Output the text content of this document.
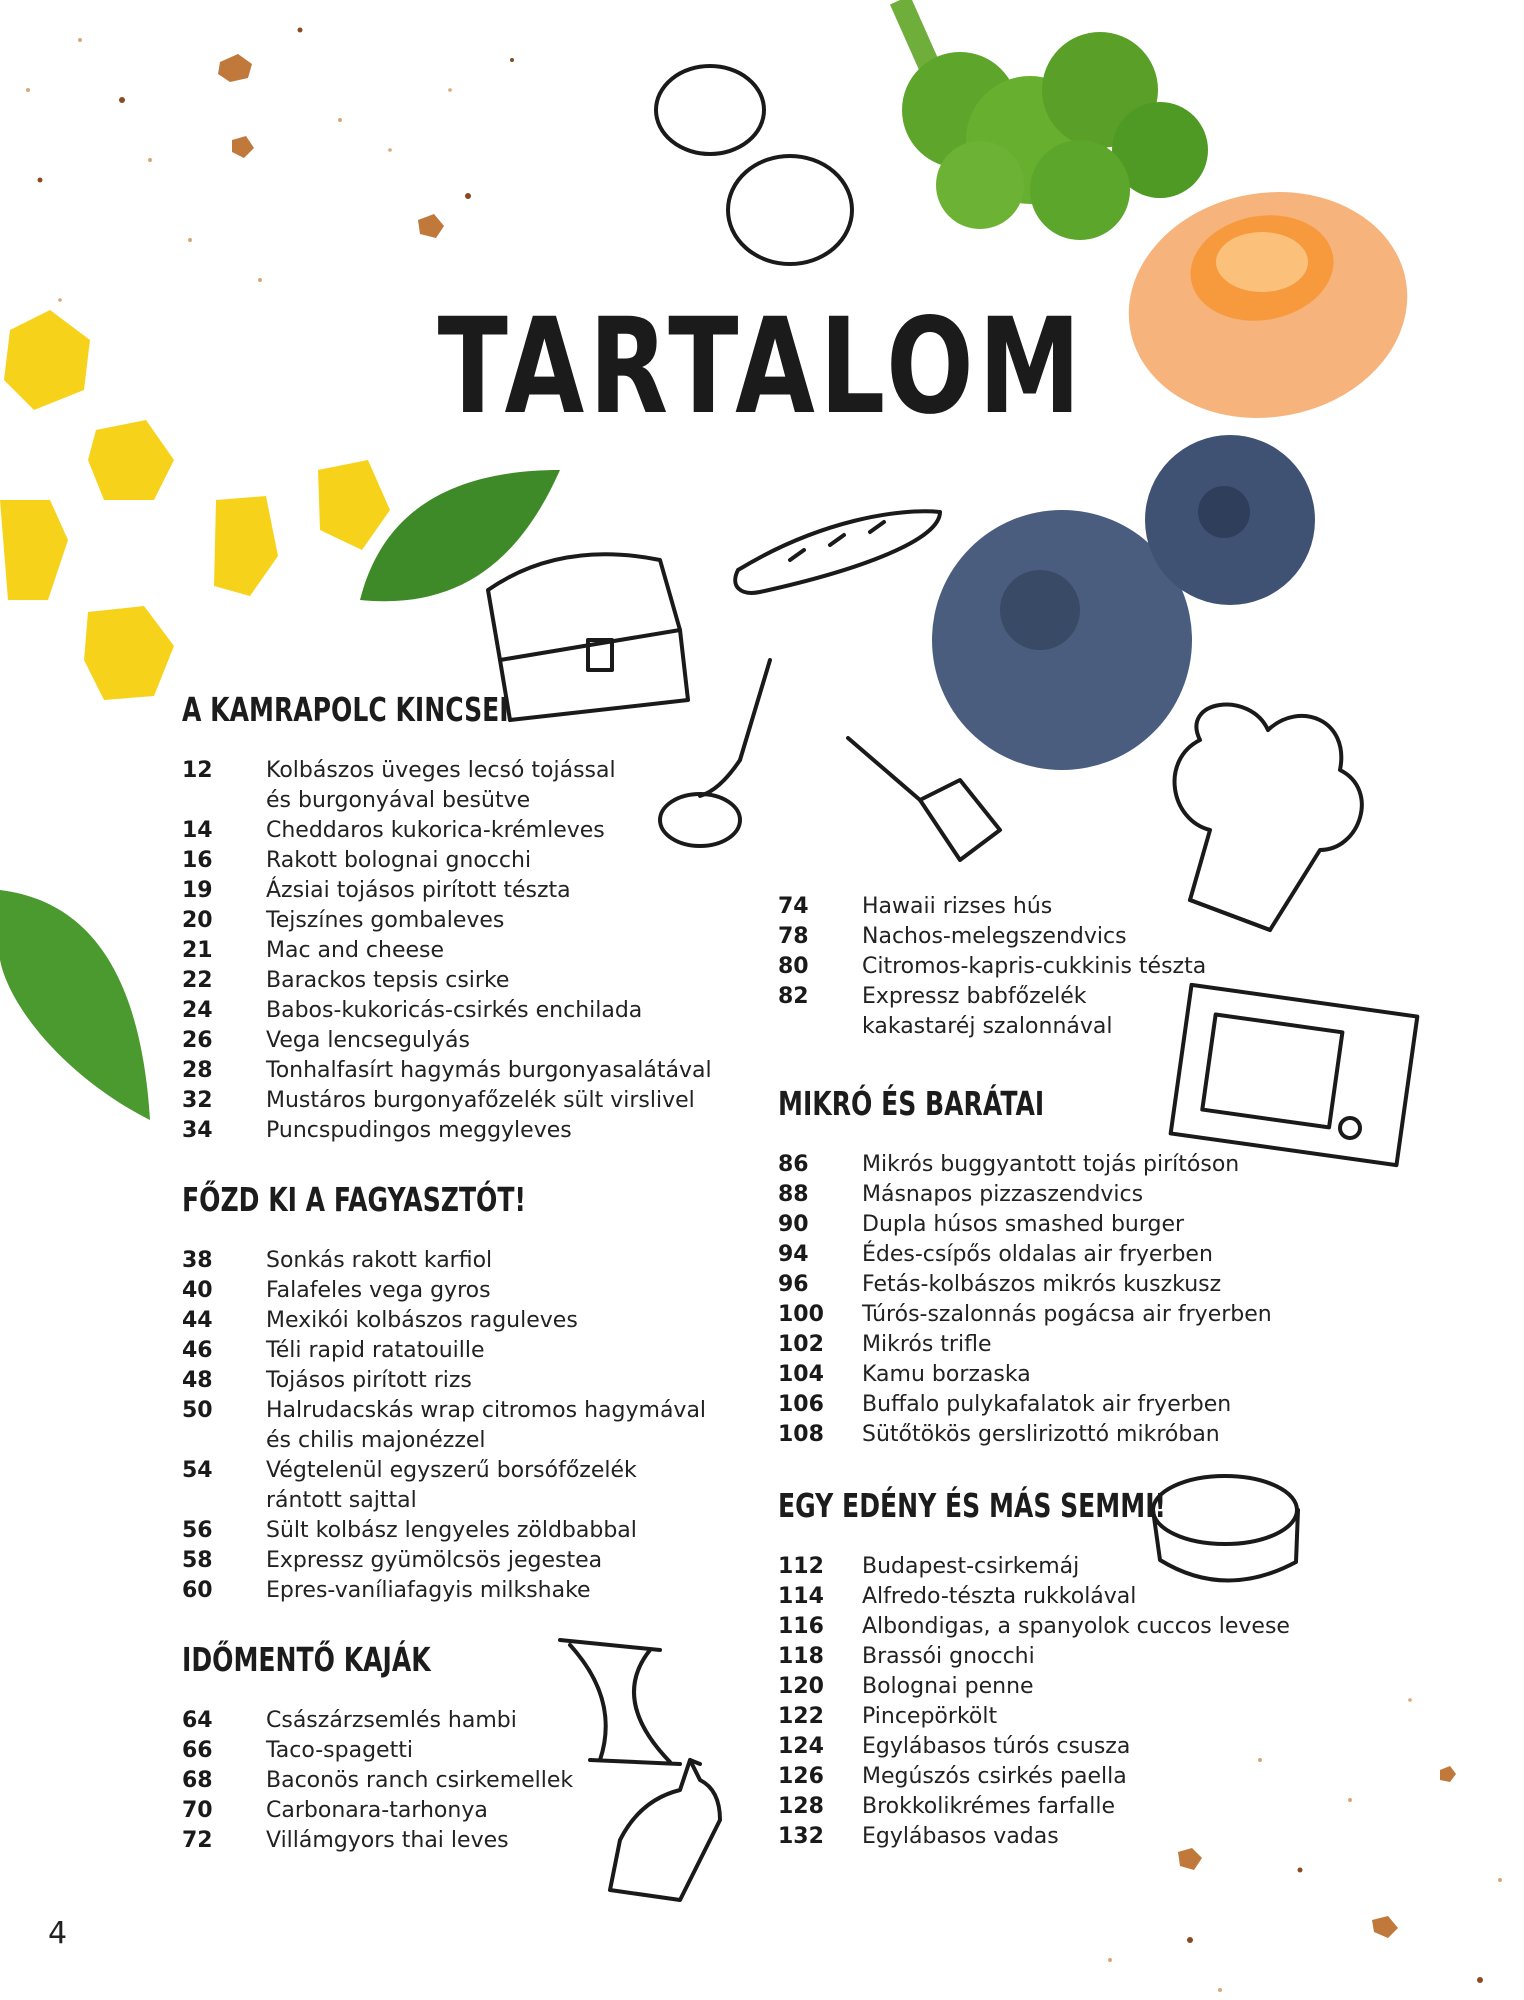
TARTALOM
A KAMRAPOLC KINCSEI
12	Kolbászos üveges lecsó tojással
és burgonyával besütve
14	Cheddaros kukorica-krémleves
16	Rakott bolognai gnocchi
19	Ázsiai tojásos pirított tészta
20	Tejszínes gombaleves
21	Mac and cheese
22	Barackos tepsis csirke
24	Babos-kukoricás-csirkés enchilada
26	Vega lencsegulyás
28	Tonhalfasírt hagymás burgonyasalátával
32	Mustáros burgonyafőzelék sült virslivel
34	Puncspudingos meggyleves
FŐZD KI A FAGYASZTÓT!
38	Sonkás rakott karfiol
40	Falafeles vega gyros
44	Mexikói kolbászos raguleves
46	Téli rapid ratatouille
48	Tojásos pirított rizs
50	Halrudacskás wrap citromos hagymával
és chilis majonézzel
54	Végtelenül egyszerű borsófőzelék
rántott sajttal
56	Sült kolbász lengyeles zöldbabbal
58	Expressz gyümölcsös jegestea
60	Epres-vaníliafagyis milkshake
IDŐMENTŐ KAJÁK
64	Császárzsemlés hambi
66	Taco-spagetti
68	Baconös ranch csirkemellek
70	Carbonara-tarhonya
72	Villámgyors thai leves
74	Hawaii rizses hús
78	Nachos-melegszendvics
80	Citromos-kapris-cukkinis tészta
82	Expressz babfőzelék
kakastaréj szalonnával
MIKRÓ ÉS BARÁTAI
86	Mikrós buggyantott tojás pirítóson
88	Másnapos pizzaszendvics
90	Dupla húsos smashed burger
94	Édes-csípős oldalas air fryerben
96	Fetás-kolbászos mikrós kuszkusz
100	Túrós-szalonnás pogácsa air fryerben
102	Mikrós trifle
104	Kamu borzaska
106	Buffalo pulykafalatok air fryerben
108	Sütőtökös gerslirizottó mikróban
EGY EDÉNY ÉS MÁS SEMMI!
112	Budapest-csirkemáj
114	Alfredo-tészta rukkolával
116	Albondigas, a spanyolok cuccos levese
118	Brassói gnocchi
120	Bolognai penne
122	Pincepörkölt
124	Egylábasos túrós csusza
126	Megúszós csirkés paella
128	Brokkolikrémes farfalle
132	Egylábasos vadas
4
